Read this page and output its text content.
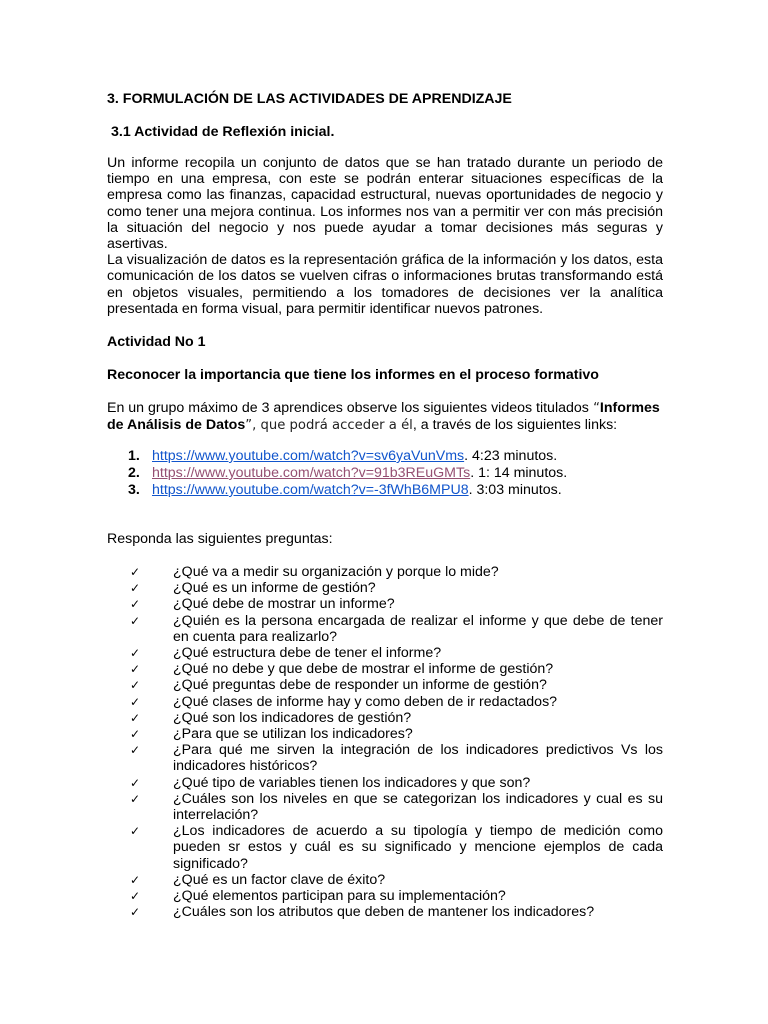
3. FORMULACIÓN DE LAS ACTIVIDADES DE APRENDIZAJE
3.1 Actividad de Reflexión inicial.

Un informe recopila un conjunto de datos que se han tratado durante un periodo de tiempo en una empresa, con este se podrán enterar situaciones específicas de la empresa como las finanzas, capacidad estructural, nuevas oportunidades de negocio y como tener una mejora continua. Los informes nos van a permitir ver con más precisión la situación del negocio y nos puede ayudar a tomar decisiones más seguras y asertivas.

La visualización de datos es la representación gráfica de la información y los datos, esta comunicación de los datos se vuelven cifras o informaciones brutas transformando está en objetos visuales, permitiendo a los tomadores de decisiones ver la analítica presentada en forma visual, para permitir identificar nuevos patrones.

Actividad No 1
Reconocer la importancia que tiene los informes en el proceso formativo
En un grupo máximo de 3 aprendices observe los siguientes videos titulados “Informes de Análisis de Datos”, que podrá acceder a él, a través de los siguientes links:
1. https://www.youtube.com/watch?v=sv6yaVunVms. 4:23 minutos.
2. https://www.youtube.com/watch?v=91b3REuGMTs. 1: 14 minutos.
3. https://www.youtube.com/watch?v=-3fWhB6MPU8. 3:03 minutos.
Responda las siguientes preguntas:
✓ ¿Qué va a medir su organización y porque lo mide?
✓ ¿Qué es un informe de gestión?
✓ ¿Qué debe de mostrar un informe?
✓ ¿Quién es la persona encargada de realizar el informe y que debe de tener en cuenta para realizarlo?
✓ ¿Qué estructura debe de tener el informe?
✓ ¿Qué no debe y que debe de mostrar el informe de gestión?
✓ ¿Qué preguntas debe de responder un informe de gestión?
✓ ¿Qué clases de informe hay y como deben de ir redactados?
✓ ¿Qué son los indicadores de gestión?
✓ ¿Para que se utilizan los indicadores?
✓ ¿Para qué me sirven la integración de los indicadores predictivos Vs los indicadores históricos?
✓ ¿Qué tipo de variables tienen los indicadores y que son?
✓ ¿Cuáles son los niveles en que se categorizan los indicadores y cual es su interrelación?
✓ ¿Los indicadores de acuerdo a su tipología y tiempo de medición como pueden sr estos y cuál es su significado y mencione ejemplos de cada significado?
✓ ¿Qué es un factor clave de éxito?
✓ ¿Qué elementos participan para su implementación?
✓ ¿Cuáles son los atributos que deben de mantener los indicadores?
